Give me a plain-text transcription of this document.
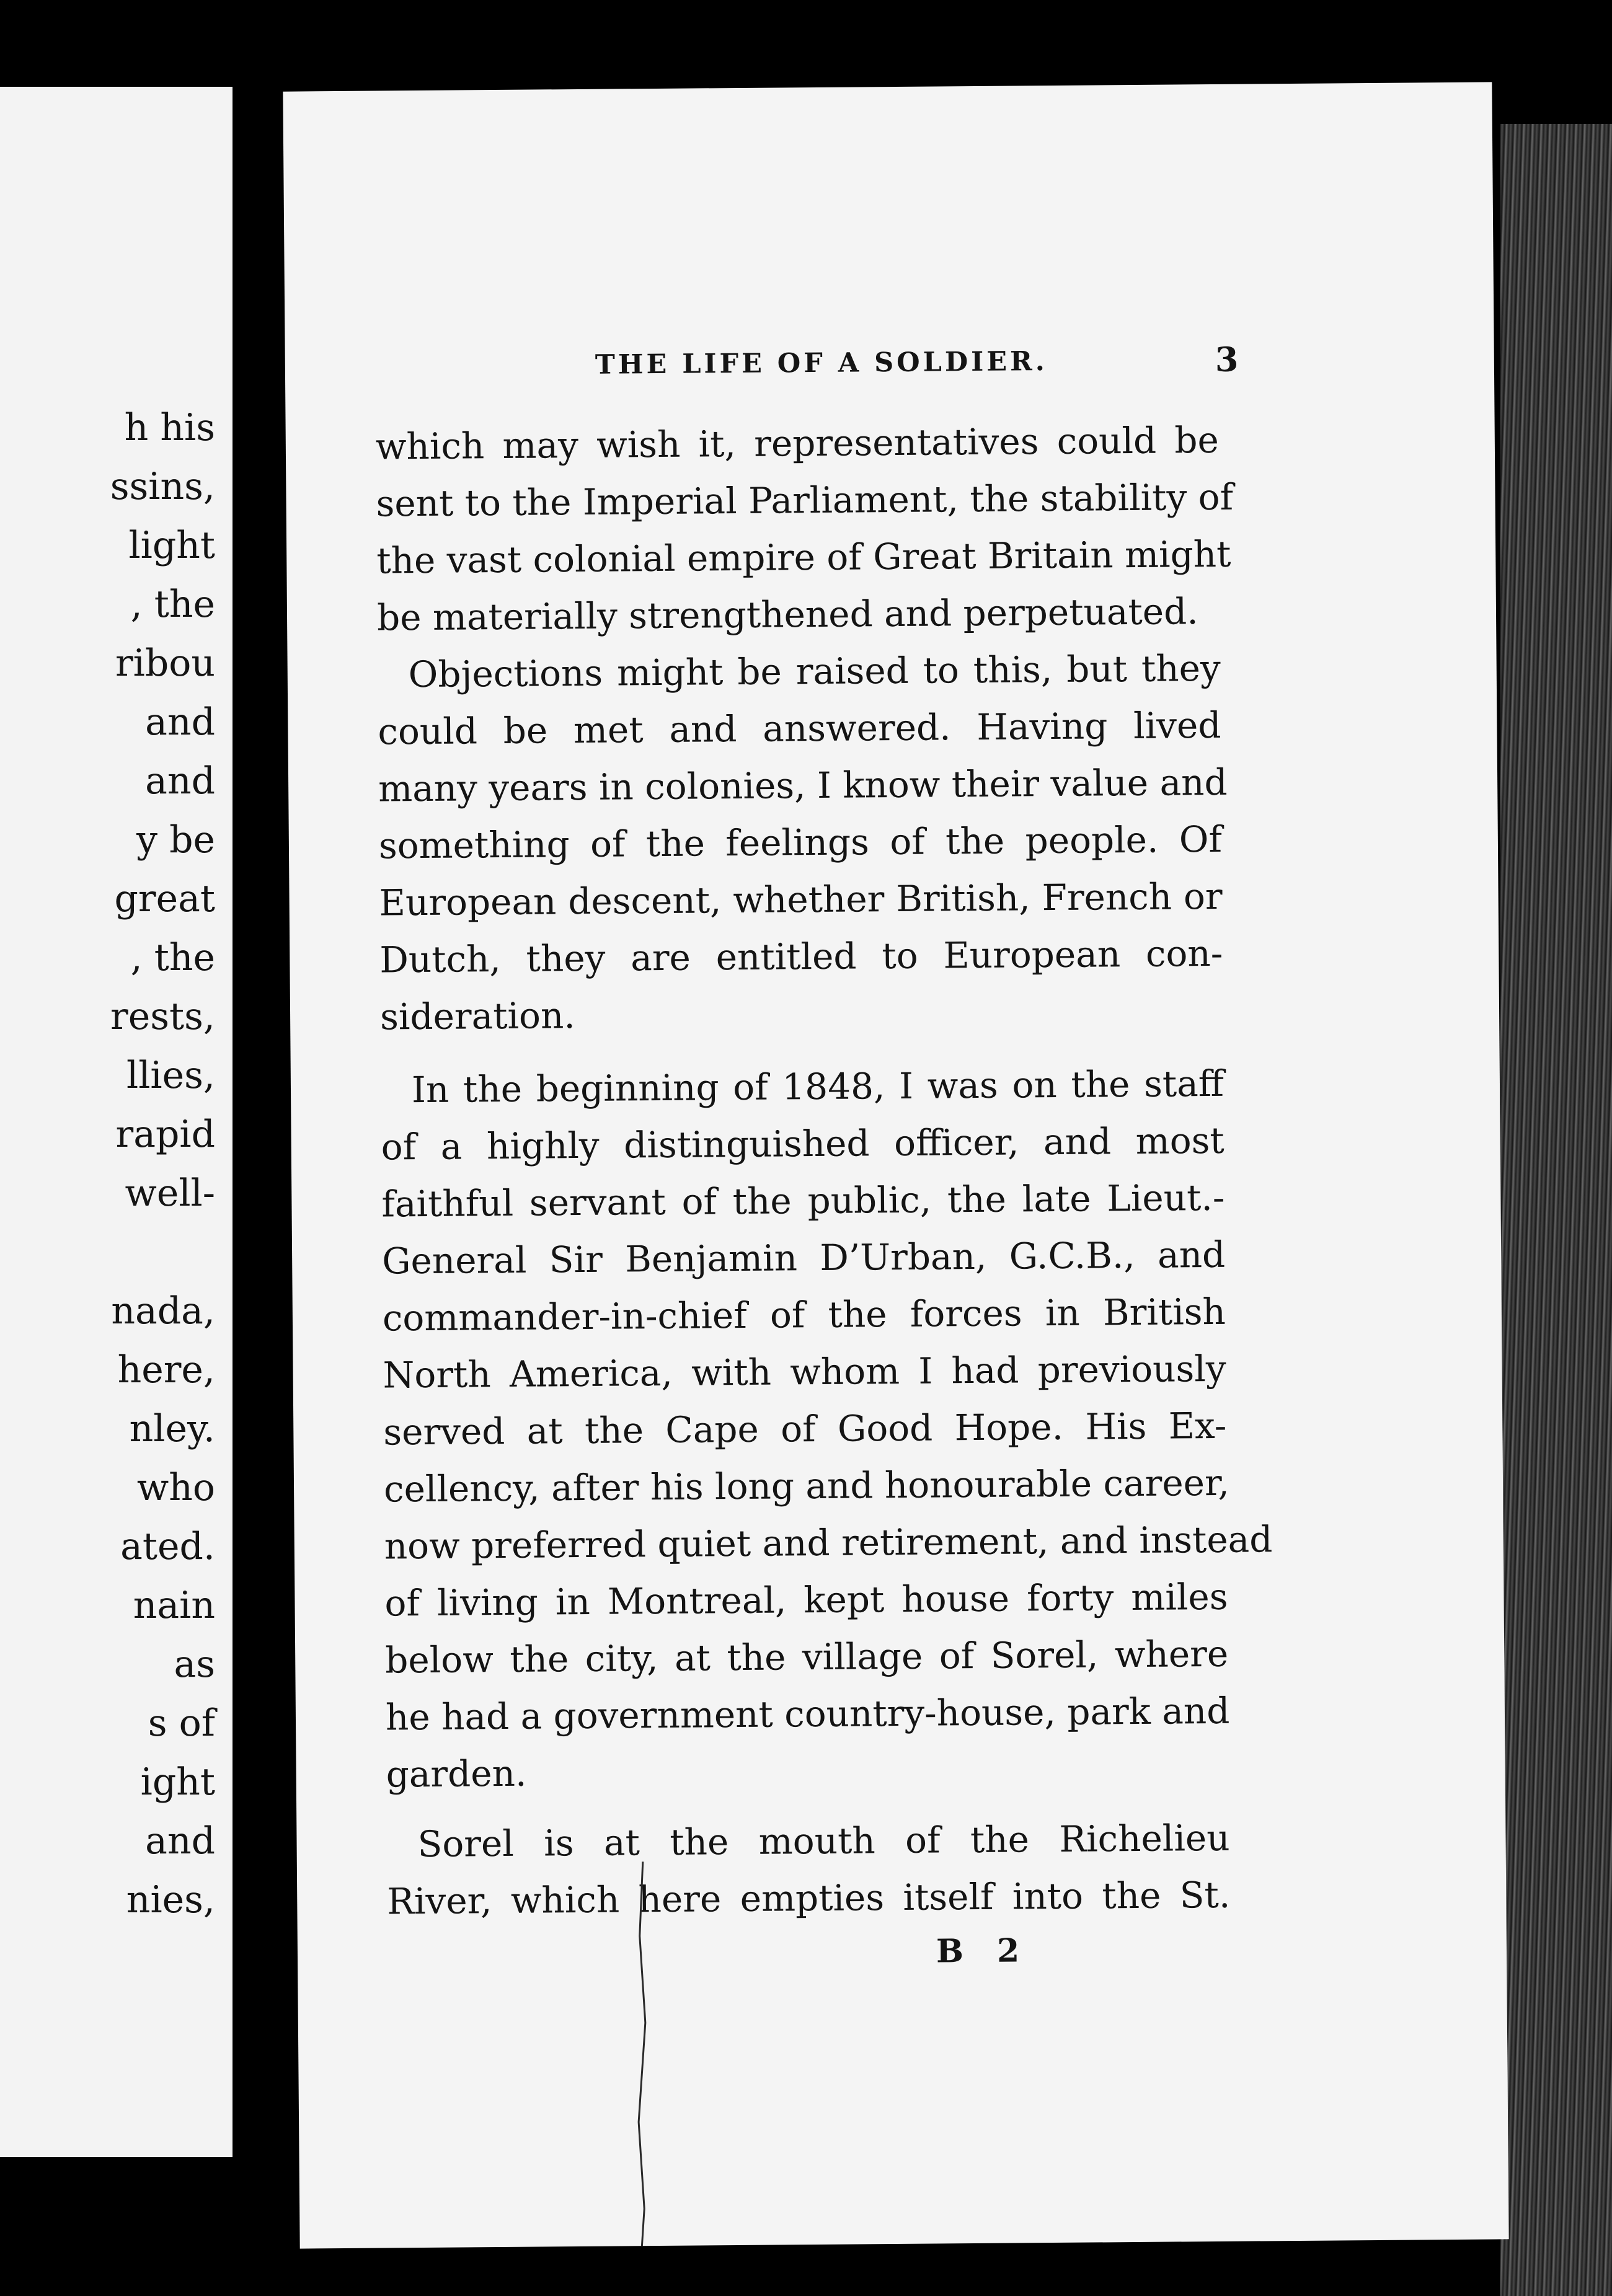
h his
ssins,
light
, the
ribou
and
and
y be
great
, the
rests,
llies,
rapid
well-
nada,
here,
nley.
who
ated.
nain
as
s of
ight
and
nies,
THE LIFE OF A SOLDIER.	3
which may wish it, representatives could be
sent to the Imperial Parliament, the stability of
the vast colonial empire of Great Britain might
be materially strengthened and perpetuated.
Objections might be raised to this, but they
could be met and answered. Having lived
many years in colonies, I know their value and
something of the feelings of the people. Of
European descent, whether British, French or
Dutch, they are entitled to European con-
sideration.
In the beginning of 1848, I was on the staff
of a highly distinguished officer, and most
faithful servant of the public, the late Lieut.-
General Sir Benjamin D’Urban, G.C.B., and
commander-in-chief of the forces in British
North America, with whom I had previously
served at the Cape of Good Hope. His Ex-
cellency, after his long and honourable career,
now preferred quiet and retirement, and instead
of living in Montreal, kept house forty miles
below the city, at the village of Sorel, where
he had a government country-house, park and
garden.
Sorel is at the mouth of the Richelieu
River, which here empties itself into the St.
B 2
